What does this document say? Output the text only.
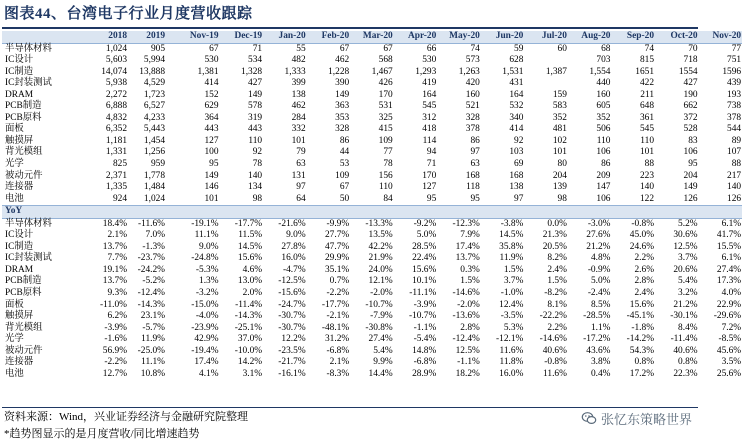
图表44、台湾电子行业月度营收跟踪
	2018	2019		Nov-19	Dec-19	Jan-20	Feb-20	Mar-20	Apr-20	May-20	Jun-20	Jul-20	Aug-20	Sep-20	Oct-20	Nov-20
半导体材料	1,024	905		67	71	55	67	67	66	74	59	60	68	74	70	77
IC设计	5,603	5,994		530	534	482	462	568	530	573	628		703	815	718	751
IC制造	14,074	13,888		1,381	1,328	1,333	1,228	1,467	1,293	1,263	1,531	1,387	1,554	1651	1554	1596
IC封装测试	5,938	4,529		414	427	399	390	426	419	420	431		440	422	427	439
DRAM	2,272	1,723		152	149	138	149	170	164	160	164	159	160	211	190	193
PCB制造	6,888	6,527		629	578	462	363	531	545	521	532	583	605	648	662	738
PCB原料	4,832	4,233		364	319	284	353	325	312	328	340	352	352	361	372	378
面板	6,352	5,443		443	443	332	328	415	418	378	414	481	506	545	528	544
触摸屏	1,181	1,454		127	110	101	86	109	114	86	92	102	110	110	83	89
背光模组	1,331	1,256		100	92	79	44	77	94	97	103	101	106	101	106	107
光学	825	959		95	78	63	53	78	71	63	69	80	86	88	95	88
被动元件	2,371	1,778		149	140	131	109	156	170	168	168	204	209	223	204	217
连接器	1,335	1,484		146	134	97	67	110	127	118	138	139	147	140	149	140
电池	924	1,024		101	98	64	50	84	95	95	97	98	106	122	126	126
YoY																
半导体材料	18.4%	-11.6%		-19.1%	-17.7%	-21.6%	-9.9%	-13.3%	-9.2%	-12.3%	-3.8%	0.0%	-3.0%	-0.8%	5.2%	6.1%
IC设计	2.1%	7.0%		11.1%	11.5%	9.0%	27.7%	13.5%	5.0%	7.9%	14.5%	21.3%	27.6%	45.0%	30.6%	41.7%
IC制造	13.7%	-1.3%		9.0%	14.5%	27.8%	47.7%	42.2%	28.5%	17.4%	35.8%	20.5%	21.2%	24.6%	12.5%	15.5%
IC封装测试	7.7%	-23.7%		-24.8%	15.6%	16.0%	29.9%	21.9%	22.4%	13.7%	11.9%	8.2%	4.8%	2.2%	3.7%	6.1%
DRAM	19.1%	-24.2%		-5.3%	4.6%	-4.7%	35.1%	24.0%	15.6%	0.3%	1.5%	2.4%	-0.9%	2.6%	20.6%	27.4%
PCB制造	13.7%	-5.2%		1.3%	13.0%	-12.5%	0.7%	12.1%	10.1%	1.5%	3.7%	1.5%	5.0%	2.8%	5.4%	17.3%
PCB原料	9.3%	-12.4%		-3.2%	2.0%	-15.6%	-2.2%	-2.0%	-11.1%	-14.6%	-1.0%	-8.2%	-2.4%	2.4%	3.2%	4.0%
面板	-11.0%	-14.3%		-15.0%	-11.4%	-24.7%	-17.7%	-10.7%	-3.9%	-2.0%	12.4%	8.1%	8.5%	15.6%	21.2%	22.9%
触摸屏	6.2%	23.1%		-4.0%	-14.3%	-30.7%	-2.1%	-7.9%	-10.7%	-13.6%	-3.5%	-22.2%	-28.5%	-45.1%	-30.1%	-29.6%
背光模组	-3.9%	-5.7%		-23.9%	-25.1%	-30.7%	-48.1%	-30.8%	-1.1%	2.8%	5.3%	2.2%	1.1%	-1.8%	8.4%	7.2%
光学	-1.6%	11.9%		42.9%	37.0%	12.2%	31.2%	27.4%	-5.4%	-12.4%	-12.1%	-14.6%	-17.2%	-14.2%	-11.4%	-8.5%
被动元件	56.9%	-25.0%		-19.4%	-10.0%	-23.5%	-6.8%	5.4%	14.8%	12.5%	11.6%	40.6%	43.6%	54.3%	40.6%	45.6%
连接器	-2.2%	11.1%		17.4%	14.2%	-21.7%	2.1%	9.9%	-6.8%	-1.1%	11.8%	-0.8%	3.8%	0.8%	0.8%	3.5%
电池	12.7%	10.8%		4.1%	3.1%	-16.1%	-8.3%	14.4%	28.9%	18.2%	16.0%	11.6%	0.4%	17.2%	22.3%	25.6%
资料来源：Wind，兴业证券经济与金融研究院整理
*趋势图显示的是月度营收/同比增速趋势
张忆东策略世界
